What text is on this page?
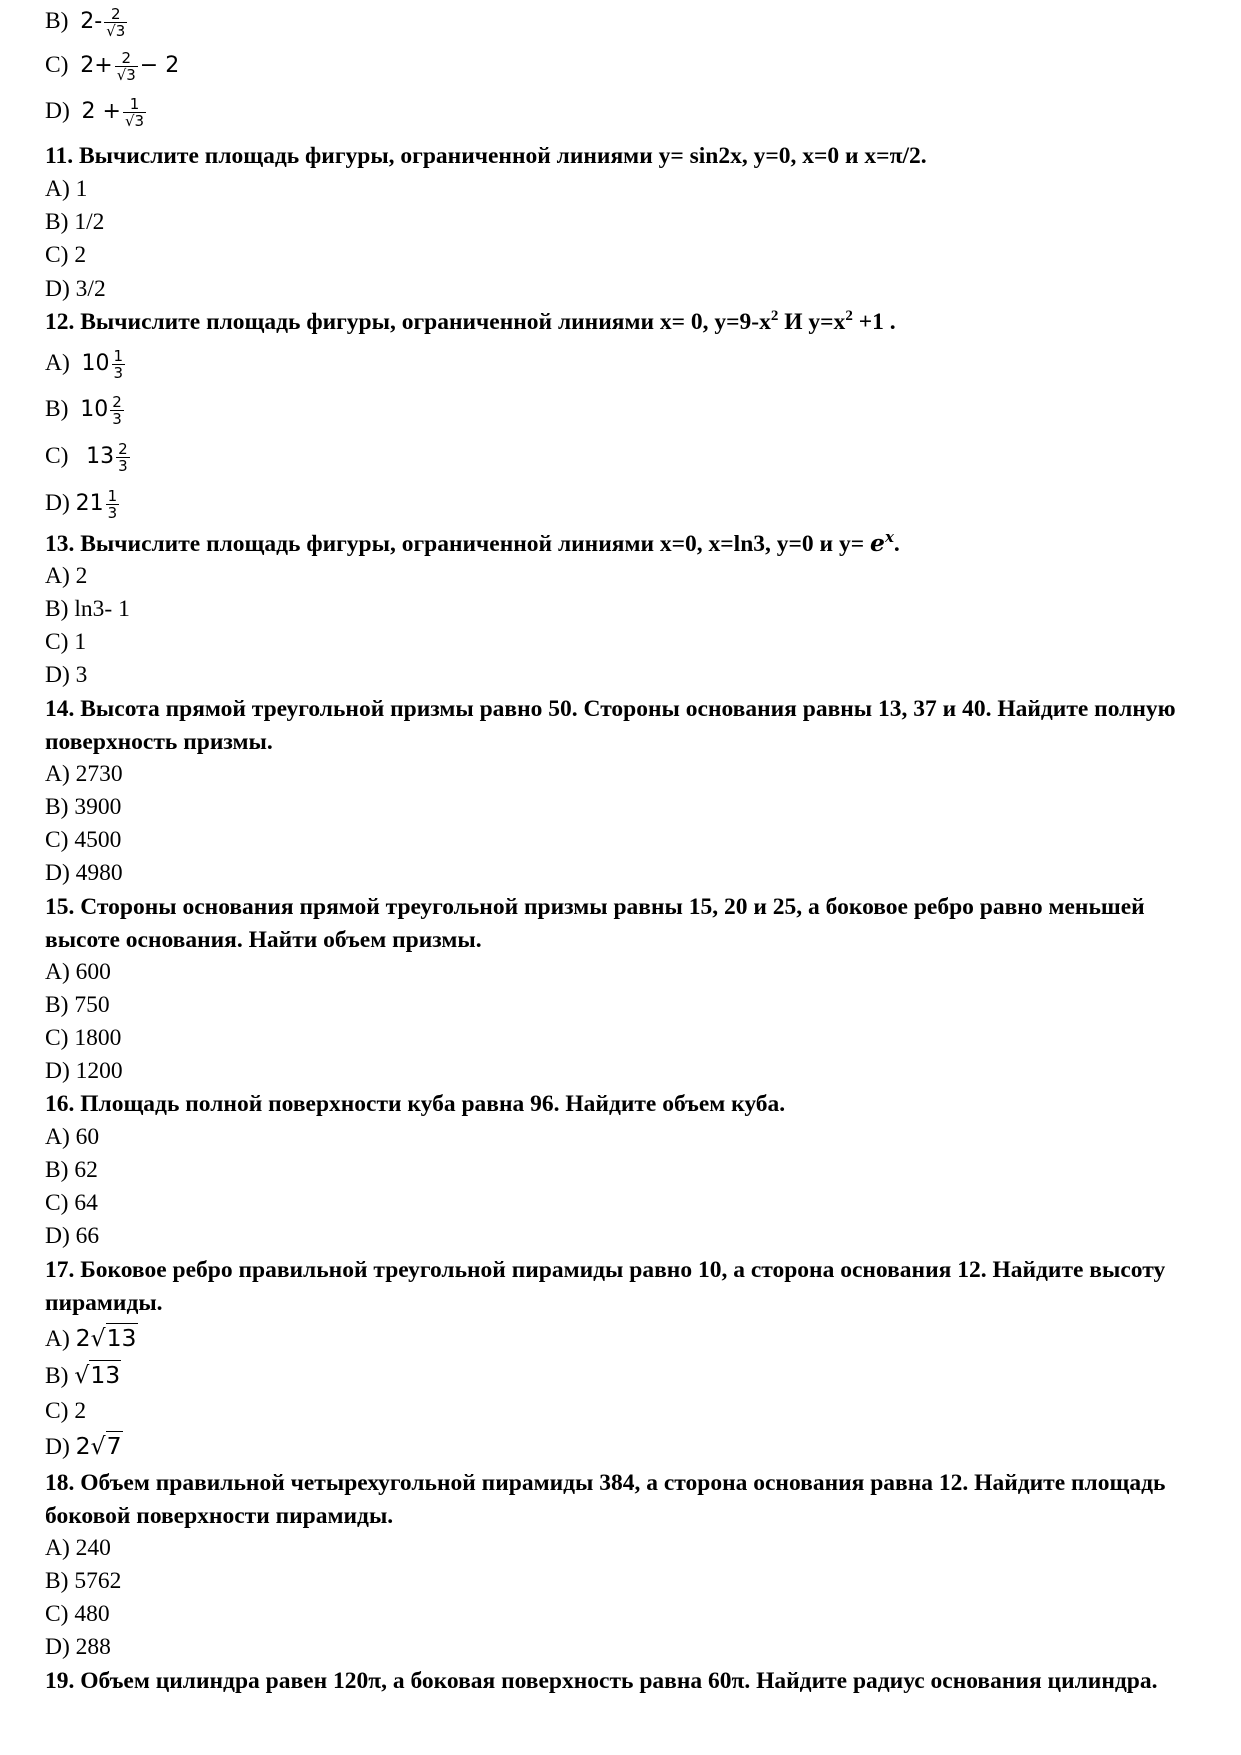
B) $2- \frac{2}{√3}$
C) $2+ \frac{2}{√3} - 2$
D) $2 + \frac{1}{√3}$
11. Вычислите площадь фигуры, ограниченной линиями y= sin2x, y=0, x=0 и x=π/2.
A) 1
B) 1/2
C) 2
D) 3/2
12. Вычислите площадь фигуры, ограниченной линиями x= 0, $y=9-x^2$ И $y=x^2 +1$ .
A) $10 \frac{1}{3}$
B) $10 \frac{2}{3}$
C) $13 \frac{2}{3}$
D) $21 \frac{1}{3}$
13. Вычислите площадь фигуры, ограниченной линиями x=0, x=ln3, y=0 и $y= e^x$.
A) 2
B) ln3- 1
C) 1
D) 3
14. Высота прямой треугольной призмы равно 50. Стороны основания равны 13, 37 и 40. Найдите полную поверхность призмы.
A) 2730
B) 3900
C) 4500
D) 4980
15. Стороны основания прямой треугольной призмы равны 15, 20 и 25, а боковое ребро равно меньшей высоте основания. Найти объем призмы.
A) 600
B) 750
C) 1800
D) 1200
16. Площадь полной поверхности куба равна 96. Найдите объем куба.
A) 60
B) 62
C) 64
D) 66
17. Боковое ребро правильной треугольной пирамиды равно 10, а сторона основания 12. Найдите высоту пирамиды.
A) 2√13
B) √13
C) 2
D) 2√7
18. Объем правильной четырехугольной пирамиды 384, а сторона основания равна 12. Найдите площадь боковой поверхности пирамиды.
A) 240
B) 5762
C) 480
D) 288
19. Объем цилиндра равен 120π, а боковая поверхность равна 60π. Найдите радиус основания цилиндра.
